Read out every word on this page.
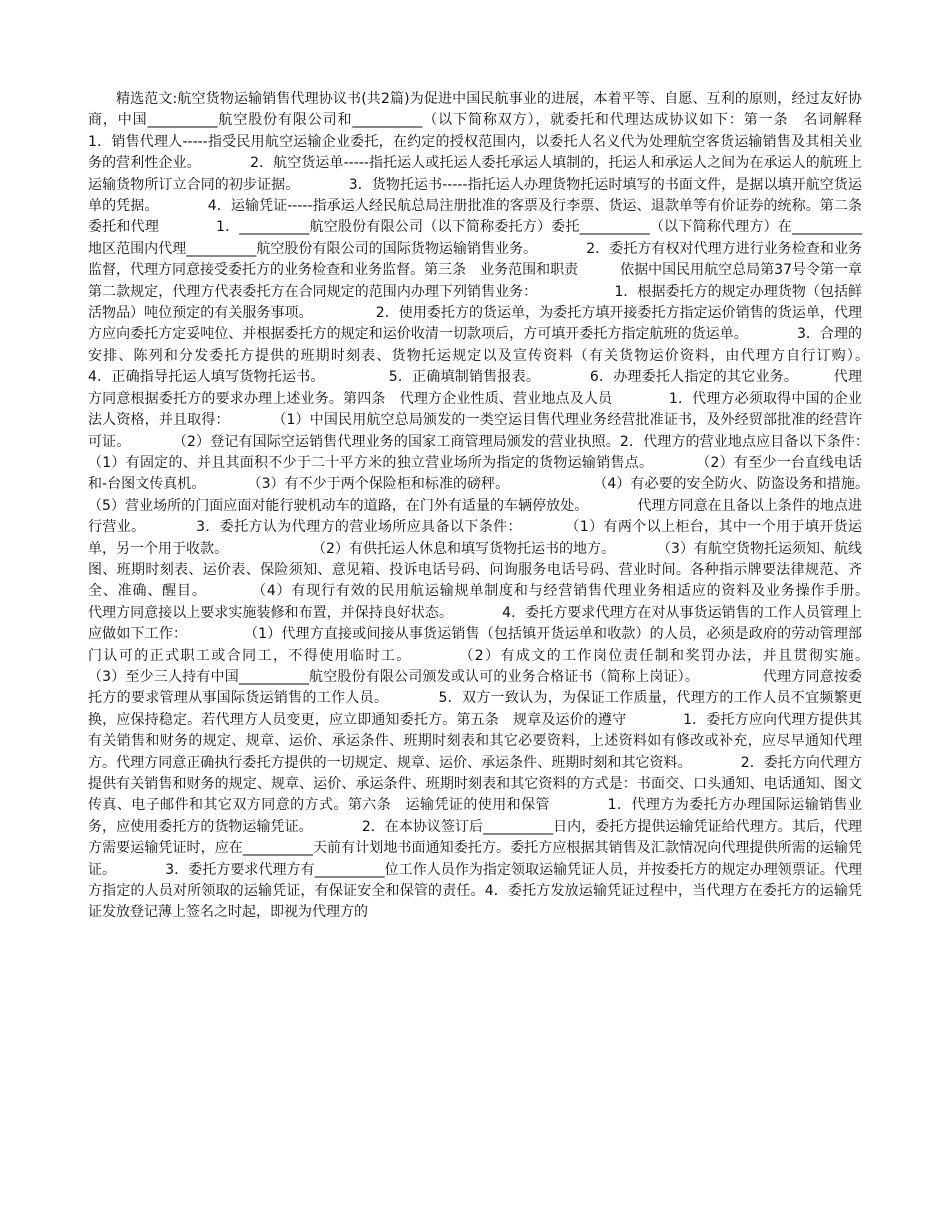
精选范文:航空货物运输销售代理协议书(共2篇)为促进中国民航事业的进展，本着平等、自愿、互利的原则，经过友好协商，中国__________航空股份有限公司和__________（以下简称双方），就委托和代理达成协议如下：第一条　名词解释　　　　1．销售代理人-----指受民用航空运输企业委托，在约定的授权范围内，以委托人名义代为处理航空客货运输销售及其相关业务的营利性企业。　　　　2．航空货运单-----指托运人或托运人委托承运人填制的，托运人和承运人之间为在承运人的航班上运输货物所订立合同的初步证据。　　　　3．货物托运书-----指托运人办理货物托运时填写的书面文件，是据以填开航空货运单的凭据。　　　　4．运输凭证-----指承运人经民航总局注册批准的客票及行李票、货运、退款单等有价证券的统称。第二条　委托和代理　　　　1．__________航空股份有限公司（以下简称委托方）委托__________（以下简称代理方）在__________地区范围内代理__________航空股份有限公司的国际货物运输销售业务。　　　　2．委托方有权对代理方进行业务检查和业务监督，代理方同意接受委托方的业务检查和业务监督。第三条　业务范围和职责　　　依据中国民用航空总局第37号令第一章第二款规定，代理方代表委托方在合同规定的范围内办理下列销售业务：　　　　　　1．根据委托方的规定办理货物（包括鲜活物品）吨位预定的有关服务事项。　　　　　2．使用委托方的货运单，为委托方填开接委托方指定运价销售的货运单，代理方应向委托方定妥吨位、并根据委托方的规定和运价收清一切款项后，方可填开委托方指定航班的货运单。　　　　3．合理的安排、陈列和分发委托方提供的班期时刻表、货物托运规定以及宣传资料（有关货物运价资料，由代理方自行订购）。　　　　4．正确指导托运人填写货物托运书。　　　　　5．正确填制销售报表。　　　　6．办理委托人指定的其它业务。　　　代理方同意根据委托方的要求办理上述业务。第四条　代理方企业性质、营业地点及人员　　　　1．代理方必须取得中国的企业法人资格，并且取得：　　　　（1）中国民用航空总局颁发的一类空运目售代理业务经营批准证书，及外经贸部批准的经营许可证。　　　　（2）登记有国际空运销售代理业务的国家工商管理局颁发的营业执照。2．代理方的营业地点应目备以下条件：　　　　　　（1）有固定的、并且其面积不少于二十平方米的独立营业场所为指定的货物运输销售点。　　　　（2）有至少一台直线电话和-台图文传真机。　　　　（3）有不少于两个保险柜和标准的磅秤。　　　　　　　（4）有必要的安全防火、防盗设务和措施。　　　　（5）营业场所的门面应面对能行驶机动车的道路，在门外有适量的车辆停放处。　　　　代理方同意在且备以上条件的地点进行营业。　　　　3．委托方认为代理方的营业场所应具备以下条件：　　　　（1）有两个以上柜台，其中一个用于填开货运单，另一个用于收款。　　　　　　　（2）有供托运人休息和填写货物托运书的地方。　　　　（3）有航空货物托运须知、航线图、班期时刻表、运价表、保险须知、意见箱、投诉电话号码、问询服务电话号码、营业时间。各种指示牌要法律规范、齐全、准确、醒目。　　　　（4）有现行有效的民用航运输规单制度和与经营销售代理业务相适应的资料及业务操作手册。　　　　代理方同意接以上要求实施装修和布置，并保持良好状态。　　　　4．委托方要求代理方在对从事货运销售的工作人员管理上应做如下工作：　　　　　（1）代理方直接或间接从事货运销售（包括镇开货运单和收款）的人员，必须是政府的劳动管理部门认可的正式职工或合同工，不得使用临时工。　　　　（2）有成文的工作岗位责任制和奖罚办法，并且贯彻实施。　　　　　（3）至少三人持有中国__________航空股份有限公司颁发或认可的业务合格证书（简称上岗证）。　　　　　代理方同意按委托方的要求管理从事国际货运销售的工作人员。　　　　5．双方一致认为，为保证工作质量，代理方的工作人员不宜频繁更换，应保持稳定。若代理方人员变更，应立即通知委托方。第五条　规章及运价的遵守　　　　1．委托方应向代理方提供其有关销售和财务的规定、规章、运价、承运条件、班期时刻表和其它必要资料，上述资料如有修改或补充，应尽早通知代理方。代理方同意正确执行委托方提供的一切规定、规章、运价、承运条件、班期时刻和其它资料。　　　　2．委托方向代理方提供有关销售和财务的规定、规章、运价、承运条件、班期时刻表和其它资料的方式是：书面交、口头通知、电话通知、图文传真、电子邮件和其它双方同意的方式。第六条　运输凭证的使用和保管　　　　1．代理方为委托方办理国际运输销售业务，应使用委托方的货物运输凭证。　　　　2．在本协议签订后__________日内，委托方提供运输凭证给代理方。其后，代理方需要运输凭证时，应在__________天前有计划地书面通知委托方。委托方应根据其销售及汇款情况向代理提供所需的运输凭证。　　　　3．委托方要求代理方有__________位工作人员作为指定领取运输凭证人员，并按委托方的规定办理领票证。代理方指定的人员对所领取的运输凭证，有保证安全和保管的责任。4．委托方发放运输凭证过程中，当代理方在委托方的运输凭证发放登记薄上签名之时起，即视为代理方的
